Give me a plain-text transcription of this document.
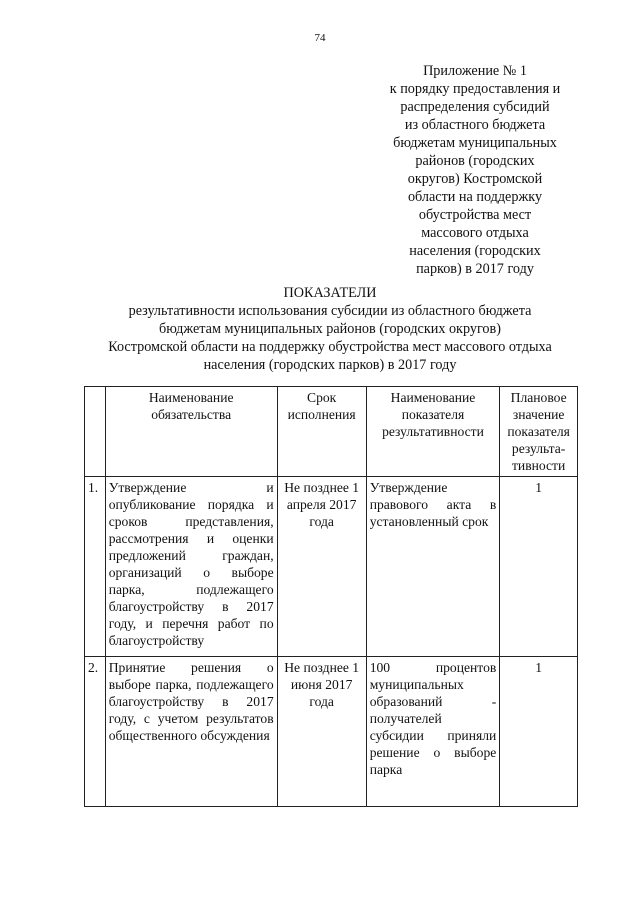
74
Приложение № 1
к порядку предоставления и
распределения субсидий
из областного бюджета
бюджетам муниципальных
районов (городских
округов) Костромской
области на поддержку
обустройства мест
массового отдыха
населения (городских
парков) в 2017 году
ПОКАЗАТЕЛИ
результативности использования субсидии из областного бюджета
бюджетам муниципальных районов (городских округов)
Костромской области на поддержку обустройства мест массового отдыха
населения (городских парков) в 2017 году
	Наименование обязательства	Срок исполнения	Наименование показателя результативности	Плановое значение показателя результа-тивности
1.	Утверждение и опубликование порядка и сроков представления, рассмотрения и оценки предложений граждан, организаций о выборе парка, подлежащего благоустройству в 2017 году, и перечня работ по благоустройству	Не позднее 1 апреля 2017 года	Утверждение правового акта в установленный срок	1
2.	Принятие решения о выборе парка, подлежащего благоустройству в 2017 году, с учетом результатов общественного обсуждения	Не позднее 1 июня 2017 года	100 процентов муниципальных образований - получателей субсидии приняли решение о выборе парка	1
